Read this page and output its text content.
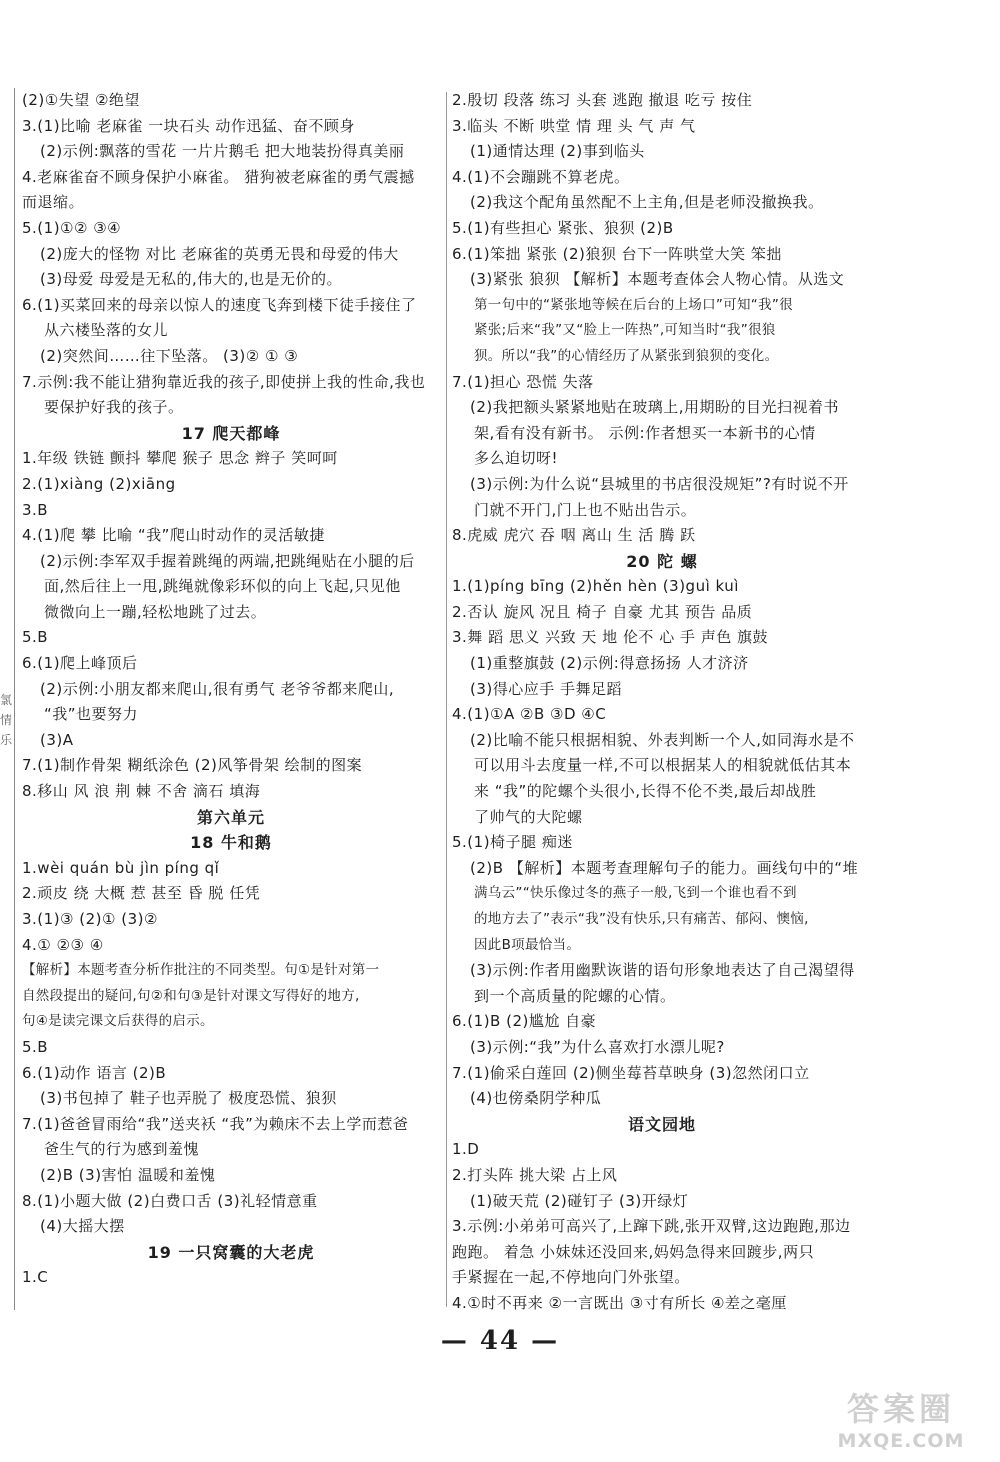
氯
情
乐
(2)①失望 ②绝望
3.(1)比喻 老麻雀 一块石头 动作迅猛、奋不顾身
(2)示例:飘落的雪花 一片片鹅毛 把大地装扮得真美丽
4.老麻雀奋不顾身保护小麻雀。 猎狗被老麻雀的勇气震撼
而退缩。
5.(1)①② ③④
(2)庞大的怪物 对比 老麻雀的英勇无畏和母爱的伟大
(3)母爱 母爱是无私的,伟大的,也是无价的。
6.(1)买菜回来的母亲以惊人的速度飞奔到楼下徒手接住了
从六楼坠落的女儿
(2)突然间……往下坠落。 (3)② ① ③
7.示例:我不能让猎狗靠近我的孩子,即使拼上我的性命,我也
要保护好我的孩子。
17 爬天都峰
1.年级 铁链 颤抖 攀爬 猴子 思念 辫子 笑呵呵
2.(1)xiàng (2)xiāng
3.B
4.(1)爬 攀 比喻 “我”爬山时动作的灵活敏捷
(2)示例:李军双手握着跳绳的两端,把跳绳贴在小腿的后
面,然后往上一甩,跳绳就像彩环似的向上飞起,只见他
微微向上一蹦,轻松地跳了过去。
5.B
6.(1)爬上峰顶后
(2)示例:小朋友都来爬山,很有勇气 老爷爷都来爬山,
“我”也要努力
(3)A
7.(1)制作骨架 糊纸涂色 (2)风筝骨架 绘制的图案
8.移山 风 浪 荆 棘 不舍 滴石 填海
第六单元
18 牛和鹅
1.wèi quán bù jìn píng qǐ
2.顽皮 绕 大概 惹 甚至 昏 脱 任凭
3.(1)③ (2)① (3)②
4.① ②③ ④
【解析】本题考查分析作批注的不同类型。句①是针对第一
自然段提出的疑问,句②和句③是针对课文写得好的地方,
句④是读完课文后获得的启示。
5.B
6.(1)动作 语言 (2)B
(3)书包掉了 鞋子也弄脱了 极度恐慌、狼狈
7.(1)爸爸冒雨给“我”送夹袄 “我”为赖床不去上学而惹爸
爸生气的行为感到羞愧
(2)B (3)害怕 温暖和羞愧
8.(1)小题大做 (2)白费口舌 (3)礼轻情意重
(4)大摇大摆
19 一只窝囊的大老虎
1.C
2.殷切 段落 练习 头套 逃跑 撤退 吃亏 按住
3.临头 不断 哄堂 情 理 头 气 声 气
(1)通情达理 (2)事到临头
4.(1)不会蹦跳不算老虎。
(2)我这个配角虽然配不上主角,但是老师没撤换我。
5.(1)有些担心 紧张、狼狈 (2)B
6.(1)笨拙 紧张 (2)狼狈 台下一阵哄堂大笑 笨拙
(3)紧张 狼狈 【解析】本题考查体会人物心情。从选文
第一句中的“紧张地等候在后台的上场口”可知“我”很
紧张;后来“我”又“脸上一阵热”,可知当时“我”很狼
狈。所以“我”的心情经历了从紧张到狼狈的变化。
7.(1)担心 恐慌 失落
(2)我把额头紧紧地贴在玻璃上,用期盼的目光扫视着书
架,看有没有新书。 示例:作者想买一本新书的心情
多么迫切呀!
(3)示例:为什么说“县城里的书店很没规矩”?有时说不开
门就不开门,门上也不贴出告示。
8.虎威 虎穴 吞 咽 离山 生 活 腾 跃
20 陀 螺
1.(1)píng bīng (2)hěn hèn (3)guì kuì
2.否认 旋风 况且 椅子 自豪 尤其 预告 品质
3.舞 蹈 思义 兴致 天 地 伦不 心 手 声色 旗鼓
(1)重整旗鼓 (2)示例:得意扬扬 人才济济
(3)得心应手 手舞足蹈
4.(1)①A ②B ③D ④C
(2)比喻不能只根据相貌、外表判断一个人,如同海水是不
可以用斗去度量一样,不可以根据某人的相貌就低估其本
来 “我”的陀螺个头很小,长得不伦不类,最后却战胜
了帅气的大陀螺
5.(1)椅子腿 痴迷
(2)B 【解析】本题考查理解句子的能力。画线句中的“堆
满乌云”“快乐像过冬的燕子一般,飞到一个谁也看不到
的地方去了”表示“我”没有快乐,只有痛苦、郁闷、懊恼,
因此B项最恰当。
(3)示例:作者用幽默诙谐的语句形象地表达了自己渴望得
到一个高质量的陀螺的心情。
6.(1)B (2)尴尬 自豪
(3)示例:“我”为什么喜欢打水漂儿呢?
7.(1)偷采白莲回 (2)侧坐莓苔草映身 (3)忽然闭口立
(4)也傍桑阴学种瓜
语文园地
1.D
2.打头阵 挑大梁 占上风
(1)破天荒 (2)碰钉子 (3)开绿灯
3.示例:小弟弟可高兴了,上蹿下跳,张开双臂,这边跑跑,那边
跑跑。 着急 小妹妹还没回来,妈妈急得来回踱步,两只
手紧握在一起,不停地向门外张望。
4.①时不再来 ②一言既出 ③寸有所长 ④差之毫厘
— 44 —
答案圈
MXQE.COM
